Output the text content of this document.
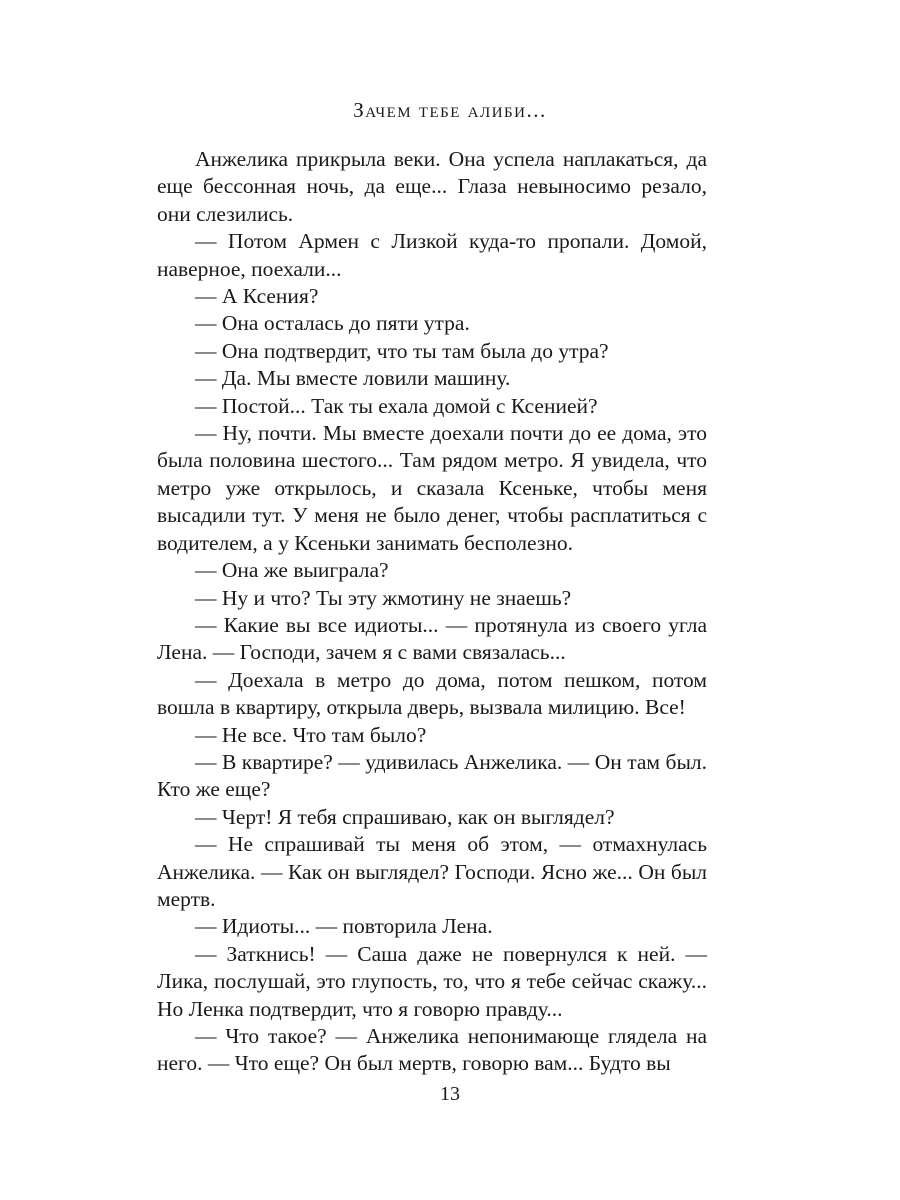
Зачем тебе алиби...

Анжелика прикрыла веки. Она успела наплакаться, да еще бессонная ночь, да еще... Глаза невыносимо резало, они слезились.

— Потом Армен с Лизкой куда-то пропали. Домой, наверное, поехали...

— А Ксения?

— Она осталась до пяти утра.

— Она подтвердит, что ты там была до утра?

— Да. Мы вместе ловили машину.

— Постой... Так ты ехала домой с Ксенией?

— Ну, почти. Мы вместе доехали почти до ее дома, это была половина шестого... Там рядом метро. Я увидела, что метро уже открылось, и сказала Ксеньке, чтобы меня высадили тут. У меня не было денег, чтобы расплатиться с водителем, а у Ксеньки занимать бесполезно.

— Она же выиграла?

— Ну и что? Ты эту жмотину не знаешь?

— Какие вы все идиоты... — протянула из своего угла Лена. — Господи, зачем я с вами связалась...

— Доехала в метро до дома, потом пешком, потом вошла в квартиру, открыла дверь, вызвала милицию. Все!

— Не все. Что там было?

— В квартире? — удивилась Анжелика. — Он там был. Кто же еще?

— Черт! Я тебя спрашиваю, как он выглядел?

— Не спрашивай ты меня об этом, — отмахнулась Анжелика. — Как он выглядел? Господи. Ясно же... Он был мертв.

— Идиоты... — повторила Лена.

— Заткнись! — Саша даже не повернулся к ней. — Лика, послушай, это глупость, то, что я тебе сейчас скажу... Но Ленка подтвердит, что я говорю правду...

— Что такое? — Анжелика непонимающе глядела на него. — Что еще? Он был мертв, говорю вам... Будто вы

13
